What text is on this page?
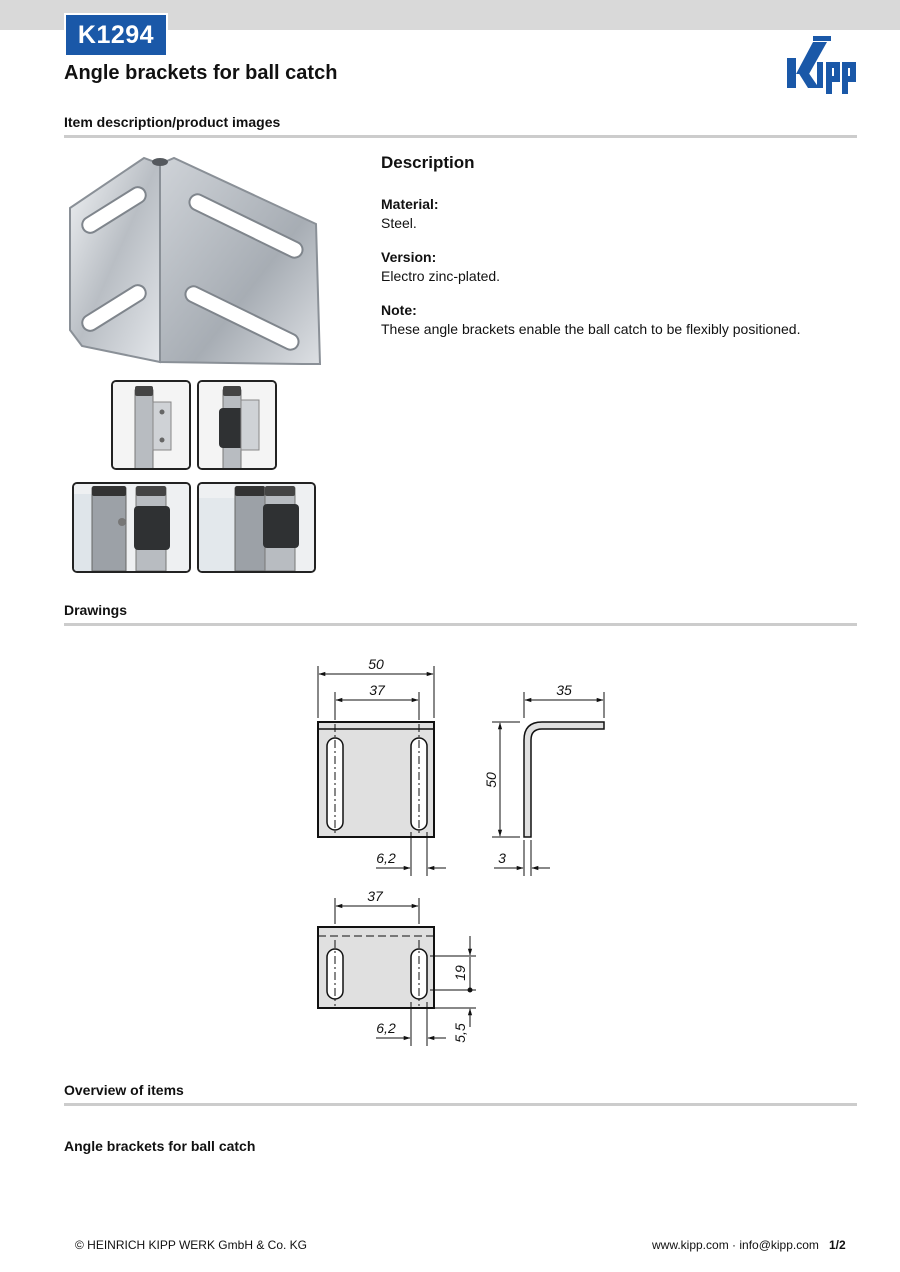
K1294
Angle brackets for ball catch
Item description/product images
Description
Material:
Steel.
Version:
Electro zinc-plated.
Note:
These angle brackets enable the ball catch to be flexibly positioned.
Drawings
50
37	35
50
6,2	3
37
19
6,2	5,5
Overview of items
Angle brackets for ball catch
© HEINRICH KIPP WERK GmbH & Co. KG	www.kipp.com · info@kipp.com 1/2
